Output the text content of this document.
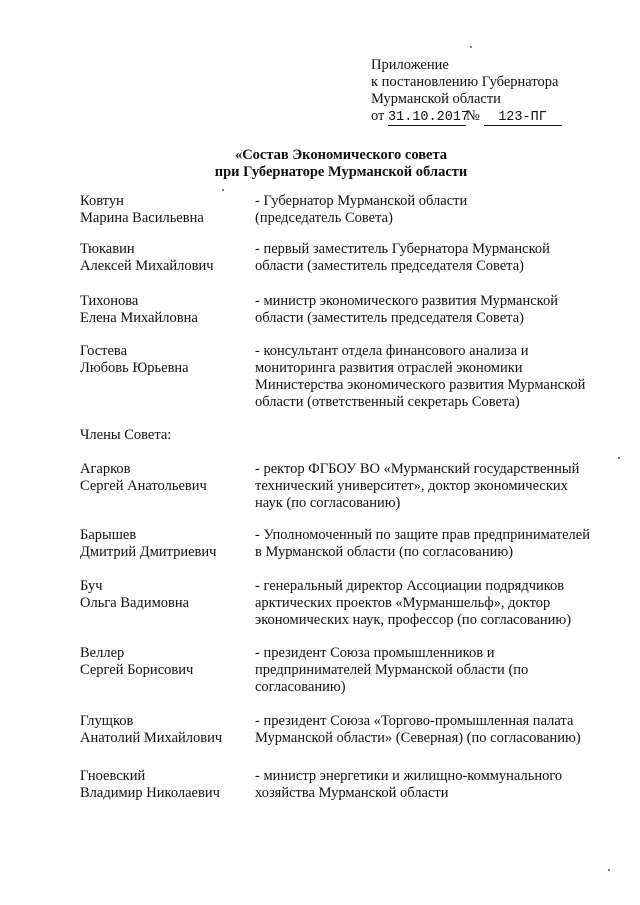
Приложение
к постановлению Губернатора
Мурманской области
от 31.10.2017№ 123-ПГ
«Состав Экономического совета
при Губернаторе Мурманской области
Ковтун
Марина Васильевна
- Губернатор Мурманской области
(председатель Совета)
Тюкавин
Алексей Михайлович
- первый заместитель Губернатора Мурманской
области (заместитель председателя Совета)
Тихонова
Елена Михайловна
- министр экономического развития Мурманской
области (заместитель председателя Совета)
Гостева
Любовь Юрьевна
- консультант отдела финансового анализа и
мониторинга развития отраслей экономики
Министерства экономического развития Мурманской
области (ответственный секретарь Совета)
Члены Совета:
Агарков
Сергей Анатольевич
- ректор ФГБОУ ВО «Мурманский государственный
технический университет», доктор экономических
наук (по согласованию)
Барышев
Дмитрий Дмитриевич
- Уполномоченный по защите прав предпринимателей
в Мурманской области (по согласованию)
Буч
Ольга Вадимовна
- генеральный директор Ассоциации подрядчиков
арктических проектов «Мурманшельф», доктор
экономических наук, профессор (по согласованию)
Веллер
Сергей Борисович
- президент Союза промышленников и
предпринимателей Мурманской области (по
согласованию)
Глущков
Анатолий Михайлович
- президент Союза «Торгово-промышленная палата
Мурманской области» (Северная) (по согласованию)
Гноевский
Владимир Николаевич
- министр энергетики и жилищно-коммунального
хозяйства Мурманской области
